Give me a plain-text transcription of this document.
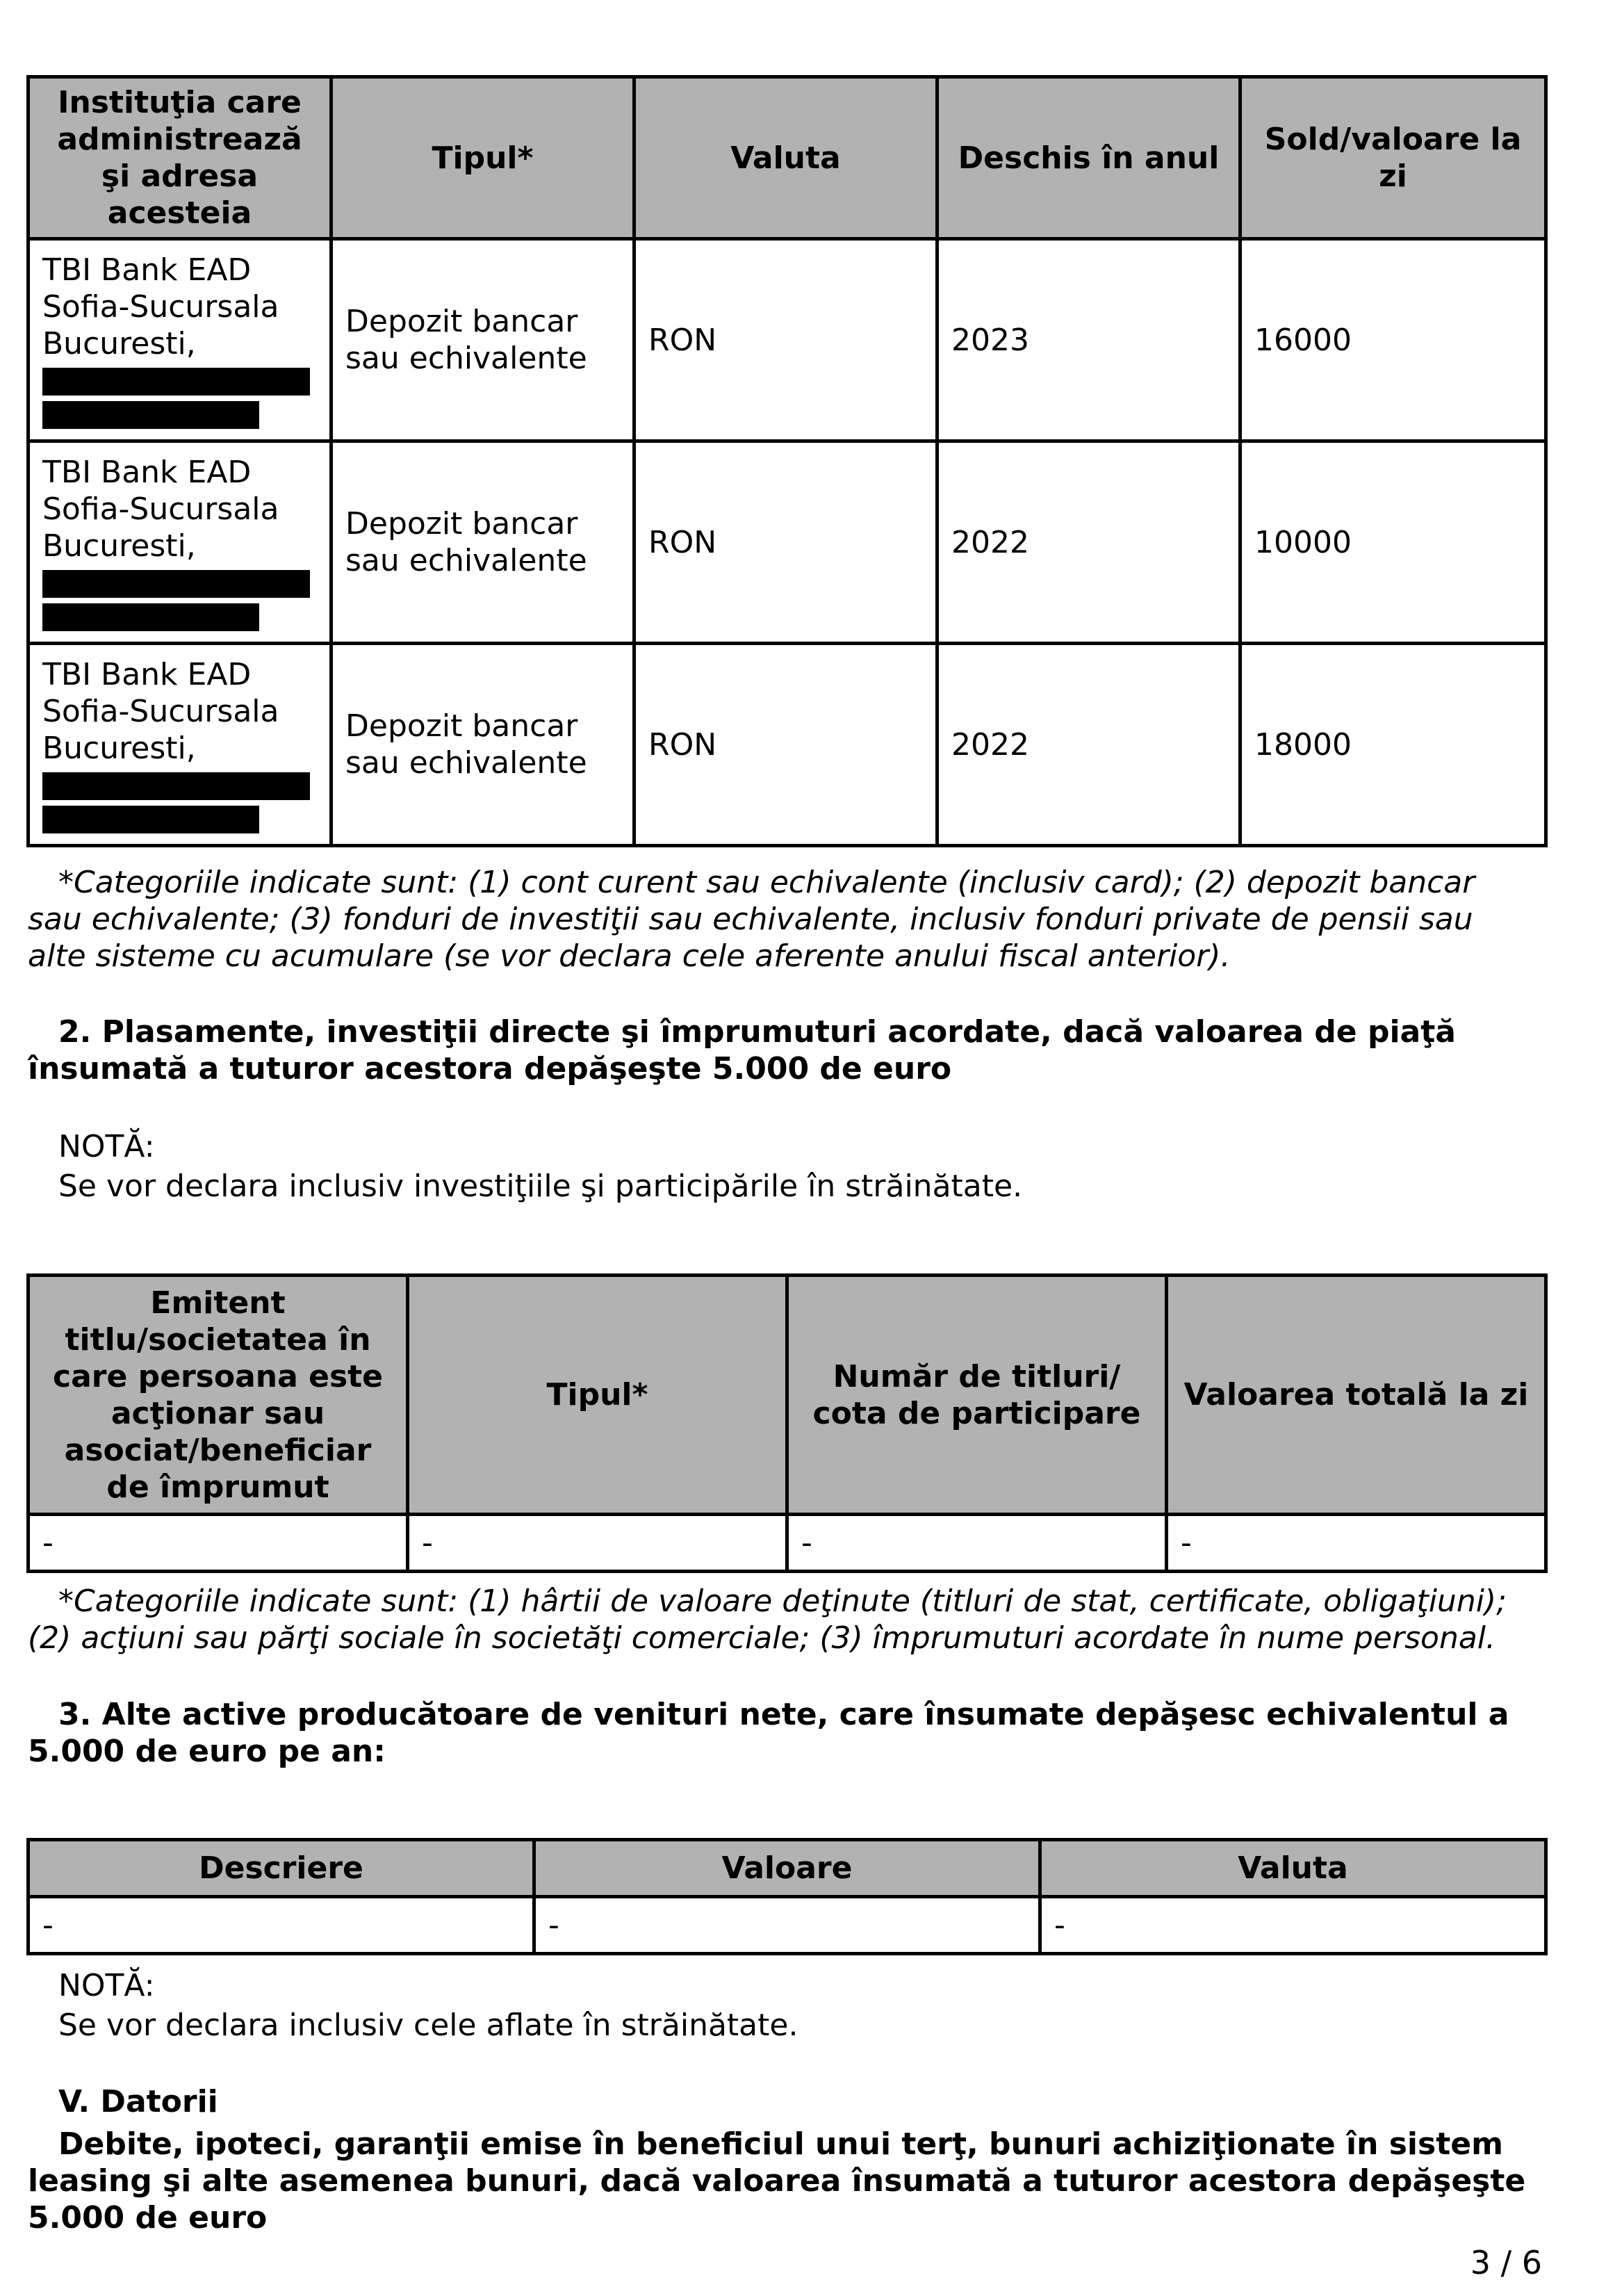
Instituţia care administrează şi adresa acesteia	Tipul*	Valuta	Deschis în anul	Sold/valoare la zi

TBI Bank EAD
Sofia-Sucursala
Bucuresti,	Depozit bancar sau echivalente	RON	2023	16000

TBI Bank EAD
Sofia-Sucursala
Bucuresti,	Depozit bancar sau echivalente	RON	2022	10000

TBI Bank EAD
Sofia-Sucursala
Bucuresti,	Depozit bancar sau echivalente	RON	2022	18000

*Categoriile indicate sunt: (1) cont curent sau echivalente (inclusiv card); (2) depozit bancar sau echivalente; (3) fonduri de investiţii sau echivalente, inclusiv fonduri private de pensii sau alte sisteme cu acumulare (se vor declara cele aferente anului fiscal anterior).

2. Plasamente, investiţii directe şi împrumuturi acordate, dacă valoarea de piaţă însumată a tuturor acestora depăşeşte 5.000 de euro

NOTĂ:

Se vor declara inclusiv investiţiile şi participările în străinătate.

Emitent titlu/societatea în care persoana este acţionar sau asociat/beneficiar de împrumut	Tipul*	Număr de titluri/ cota de participare	Valoarea totală la zi
-	-	-	-

*Categoriile indicate sunt: (1) hârtii de valoare deţinute (titluri de stat, certificate, obligaţiuni); (2) acţiuni sau părţi sociale în societăţi comerciale; (3) împrumuturi acordate în nume personal.

3. Alte active producătoare de venituri nete, care însumate depăşesc echivalentul a 5.000 de euro pe an:

Descriere	Valoare	Valuta
-	-	-

NOTĂ:

Se vor declara inclusiv cele aflate în străinătate.

V. Datorii

Debite, ipoteci, garanţii emise în beneficiul unui terţ, bunuri achiziţionate în sistem leasing şi alte asemenea bunuri, dacă valoarea însumată a tuturor acestora depăşeşte 5.000 de euro

3 / 6
